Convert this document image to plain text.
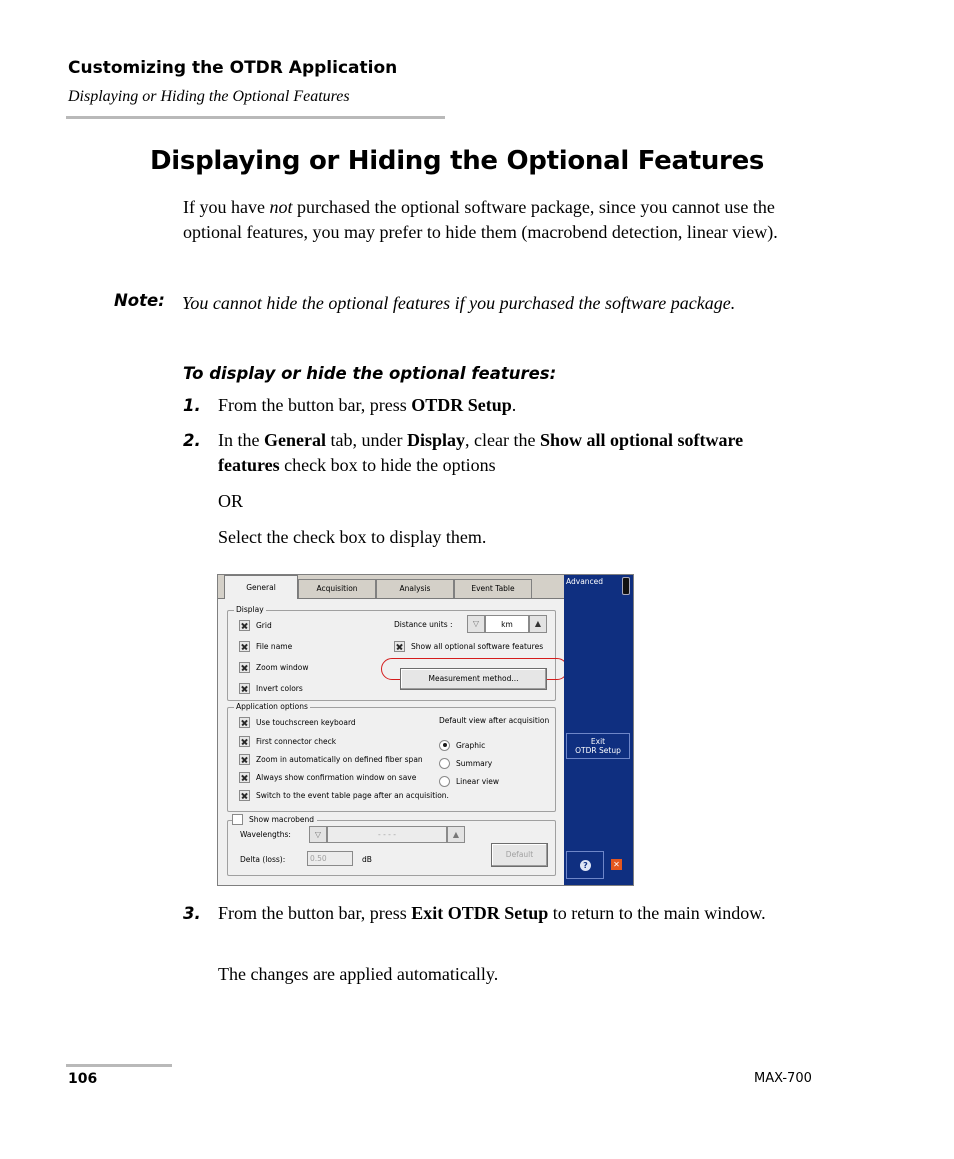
Customizing the OTDR Application
Displaying or Hiding the Optional Features
Displaying or Hiding the Optional Features

If you have not purchased the optional software package, since you cannot use the optional features, you may prefer to hide them (macrobend detection, linear view).

Note: You cannot hide the optional features if you purchased the software package.
To display or hide the optional features:
1. From the button bar, press OTDR Setup.
2. In the General tab, under Display, clear the Show all optional software features check box to hide the options
OR
Select the check box to display them.
General	Acquisition	Analysis	Event Table
Display
Grid
File name
Zoom window
Invert colors
Distance units :	▽	km	▲
Show all optional software features
Measurement method...
Application options
Use touchscreen keyboard
First connector check
Zoom in automatically on defined fiber span
Always show confirmation window on save
Switch to the event table page after an acquisition.
Default view after acquisition
Graphic
Summary
Linear view
Show macrobend
Wavelengths:	▽	- - - -	▲
Delta (loss):	0.50	dB
Default
Advanced
Exit
OTDR Setup
?	✕
3. From the button bar, press Exit OTDR Setup to return to the main window.
The changes are applied automatically.
106	MAX-700
